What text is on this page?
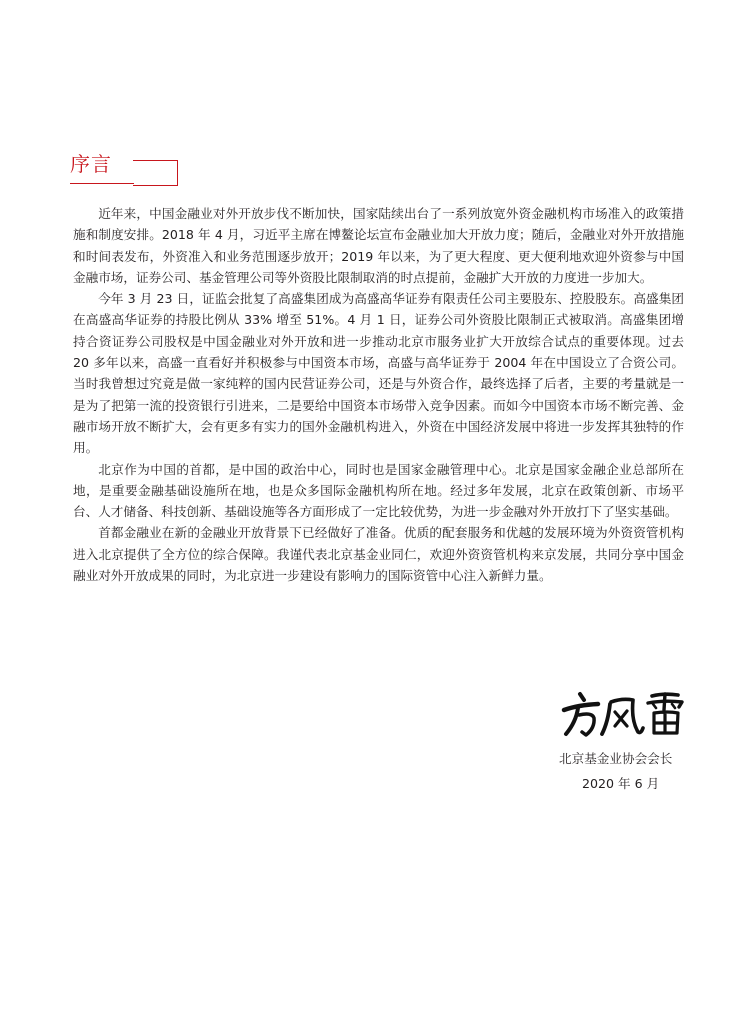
序言

近年来，中国金融业对外开放步伐不断加快，国家陆续出台了一系列放宽外资金融机构市场准入的政策措施和制度安排。2018 年 4 月，习近平主席在博鳌论坛宣布金融业加大开放力度；随后，金融业对外开放措施和时间表发布，外资准入和业务范围逐步放开；2019 年以来，为了更大程度、更大便利地欢迎外资参与中国金融市场，证券公司、基金管理公司等外资股比限制取消的时点提前，金融扩大开放的力度进一步加大。

今年 3 月 23 日，证监会批复了高盛集团成为高盛高华证券有限责任公司主要股东、控股股东。高盛集团在高盛高华证券的持股比例从 33% 增至 51%。4 月 1 日，证券公司外资股比限制正式被取消。高盛集团增持合资证券公司股权是中国金融业对外开放和进一步推动北京市服务业扩大开放综合试点的重要体现。过去 20 多年以来，高盛一直看好并积极参与中国资本市场，高盛与高华证券于 2004 年在中国设立了合资公司。当时我曾想过究竟是做一家纯粹的国内民营证券公司，还是与外资合作，最终选择了后者，主要的考量就是一是为了把第一流的投资银行引进来，二是要给中国资本市场带入竞争因素。而如今中国资本市场不断完善、金融市场开放不断扩大，会有更多有实力的国外金融机构进入，外资在中国经济发展中将进一步发挥其独特的作用。

北京作为中国的首都，是中国的政治中心，同时也是国家金融管理中心。北京是国家金融企业总部所在地，是重要金融基础设施所在地，也是众多国际金融机构所在地。经过多年发展，北京在政策创新、市场平台、人才储备、科技创新、基础设施等各方面形成了一定比较优势，为进一步金融对外开放打下了坚实基础。

首都金融业在新的金融业开放背景下已经做好了准备。优质的配套服务和优越的发展环境为外资资管机构进入北京提供了全方位的综合保障。我谨代表北京基金业同仁，欢迎外资资管机构来京发展，共同分享中国金融业对外开放成果的同时，为北京进一步建设有影响力的国际资管中心注入新鲜力量。

北京基金业协会会长
2020 年 6 月
